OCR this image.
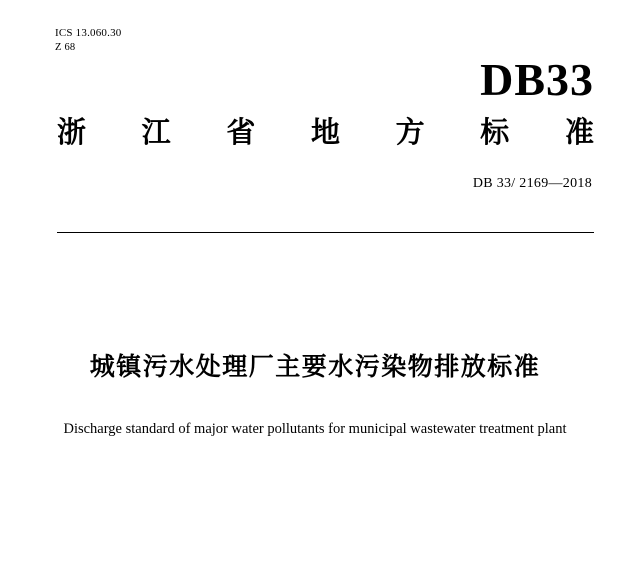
ICS 13.060.30
Z 68
DB33
浙 江 省 地 方 标 准
DB 33/ 2169—2018
城镇污水处理厂主要水污染物排放标准
Discharge standard of major water pollutants for municipal wastewater treatment plant
